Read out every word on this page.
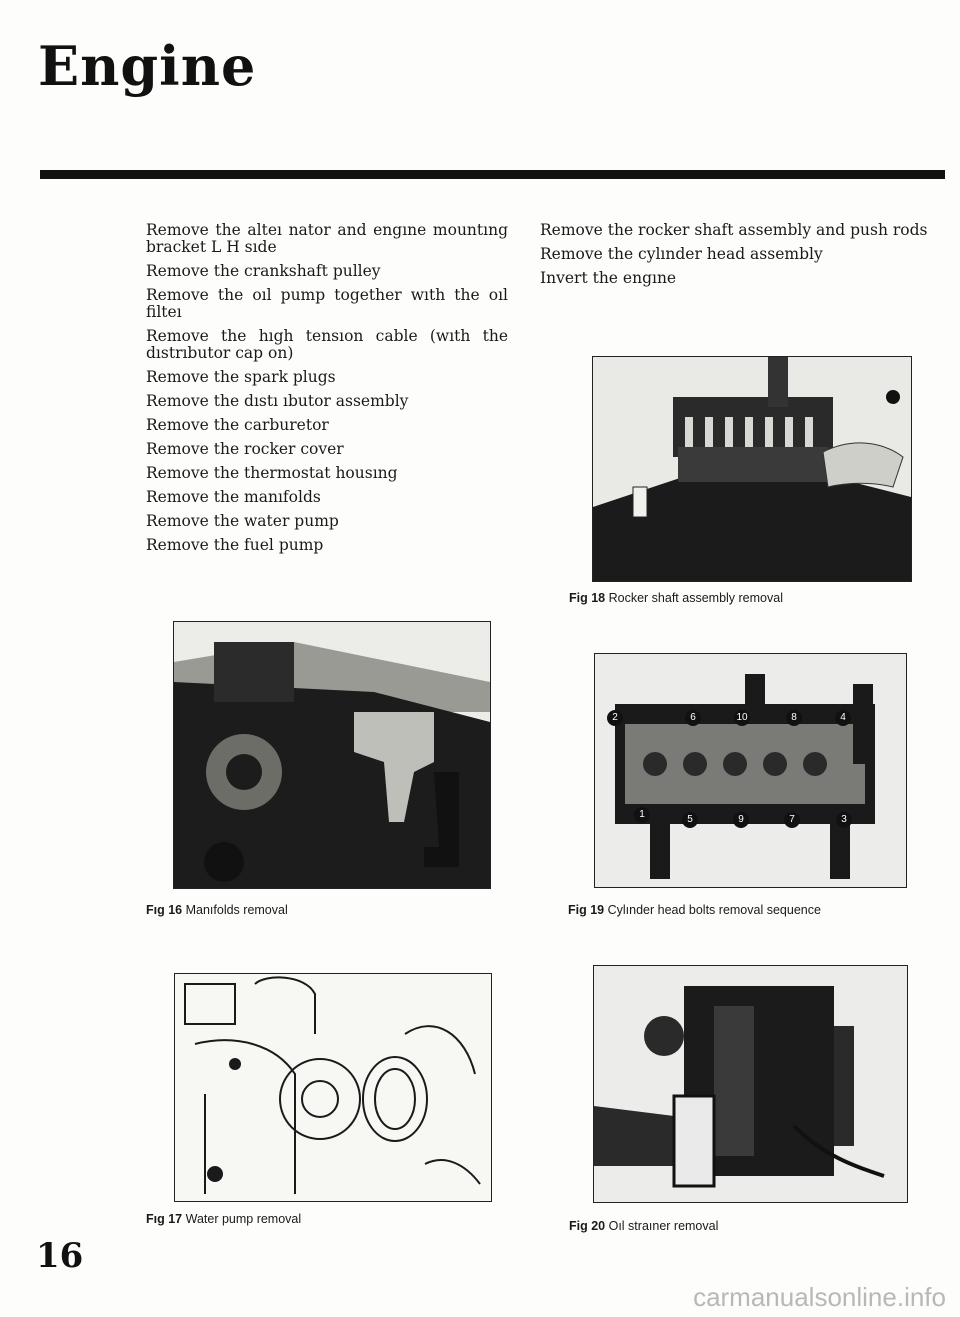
Engine

Remove the alteı nator and engıne mountıng bracket L H sıde

Remove the crankshaft pulley

Remove the oıl pump together wıth the oıl filteı

Remove the hıgh tensıon cable (wıth the dıstrıbutor cap on)

Remove the spark plugs

Remove the dıstı ıbutor assembly

Remove the carburetor

Remove the rocker cover

Remove the thermostat housıng

Remove the manıfolds

Remove the water pump

Remove the fuel pump

Remove the rocker shaft assembly and push rods

Remove the cylınder head assembly

Invert the engıne

Fig 18 Rocker shaft assembly removal
Fıg 16 Manıfolds removal
2	6	10	8	4
1	5	9	7	3
Fig 19 Cylınder head bolts removal sequence
Fıg 17 Water pump removal	Fig 20 Oıl straıner removal
16
carmanualsonline.info
